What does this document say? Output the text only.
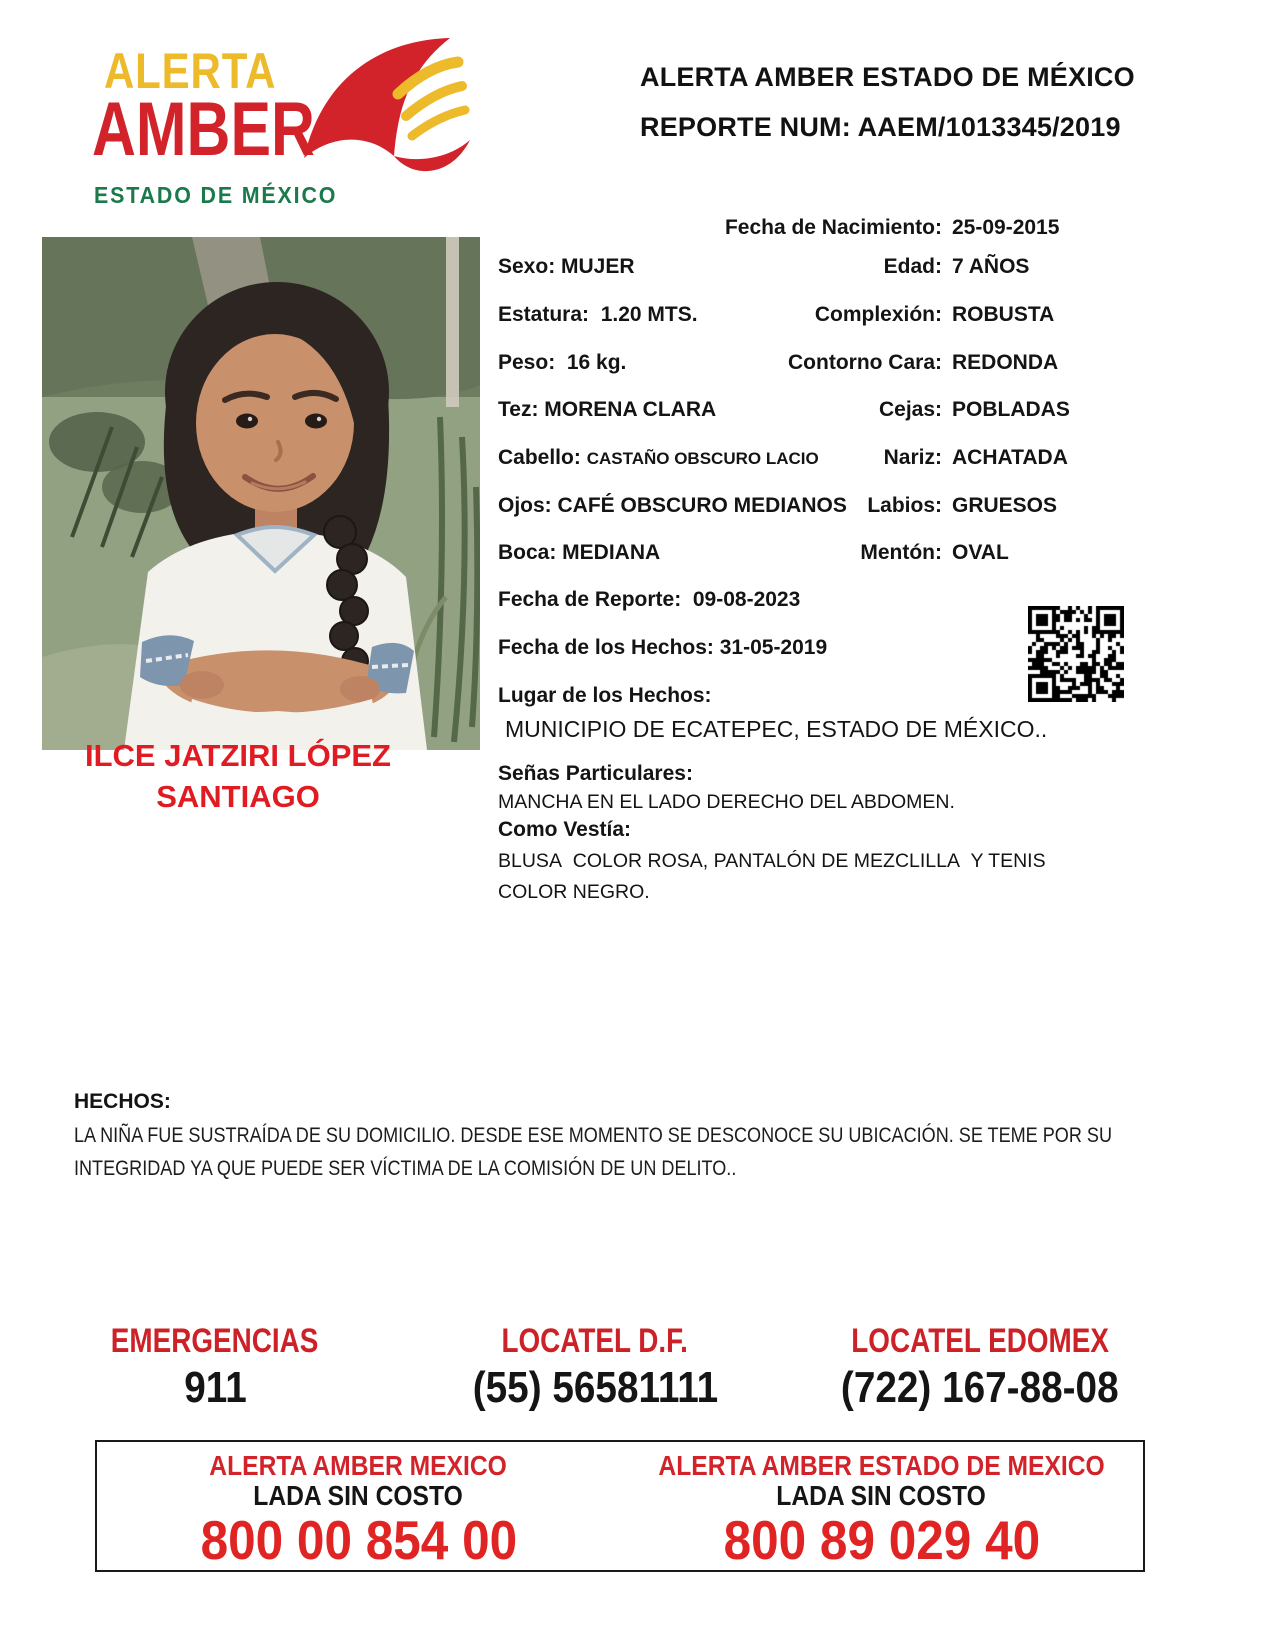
ALERTA
AMBER
ESTADO DE MÉXICO
ALERTA AMBER ESTADO DE MÉXICO
REPORTE NUM: AAEM/1013345/2019
ILCE JATZIRI LÓPEZ SANTIAGO
Fecha de Nacimiento: 25-09-2015
Sexo: MUJER	Edad: 7 AÑOS
Estatura:  1.20 MTS.	Complexión: ROBUSTA
Peso:  16 kg.	Contorno Cara: REDONDA
Tez: MORENA CLARA	Cejas: POBLADAS
Cabello: CASTAÑO OBSCURO LACIO	Nariz: ACHATADA
Ojos: CAFÉ OBSCURO MEDIANOS Labios: GRUESOS
Boca: MEDIANA	Mentón: OVAL
Fecha de Reporte:  09-08-2023
Fecha de los Hechos: 31-05-2019
Lugar de los Hechos:
MUNICIPIO DE ECATEPEC, ESTADO DE MÉXICO..
Señas Particulares:
MANCHA EN EL LADO DERECHO DEL ABDOMEN.
Como Vestía:
BLUSA  COLOR ROSA, PANTALÓN DE MEZCLILLA  Y TENIS  COLOR NEGRO.
HECHOS:
LA NIÑA FUE SUSTRAÍDA DE SU DOMICILIO. DESDE ESE MOMENTO SE DESCONOCE SU UBICACIÓN. SE TEME POR SU INTEGRIDAD YA QUE PUEDE SER VÍCTIMA DE LA COMISIÓN DE UN DELITO..
EMERGENCIAS
911
LOCATEL D.F.
(55) 56581111
LOCATEL EDOMEX
(722) 167-88-08
ALERTA AMBER MEXICO
LADA SIN COSTO
800 00 854 00
ALERTA AMBER ESTADO DE MEXICO
LADA SIN COSTO
800 89 029 40
